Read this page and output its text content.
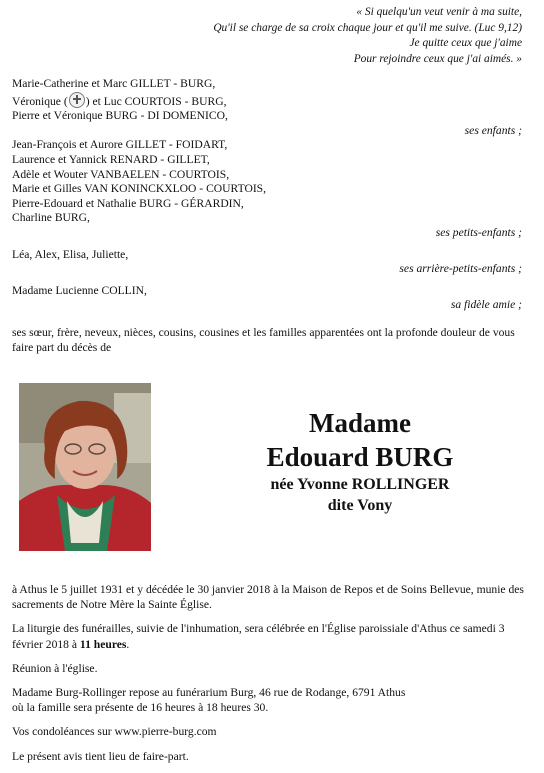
« Si quelqu'un veut venir à ma suite,
Qu'il se charge de sa croix chaque jour et qu'il me suive. (Luc 9,12)
Je quitte ceux que j'aime
Pour rejoindre ceux que j'ai aimés. »
Marie-Catherine et Marc GILLET - BURG,
Véronique ( ) et Luc COURTOIS - BURG,
Pierre et Véronique BURG - DI DOMENICO,
ses enfants ;
Jean-François et Aurore GILLET - FOIDART,
Laurence et Yannick RENARD - GILLET,
Adèle et Wouter VANBAELEN - COURTOIS,
Marie et Gilles VAN KONINCKXLOO - COURTOIS,
Pierre-Edouard et Nathalie BURG - GÉRARDIN,
Charline BURG,
ses petits-enfants ;
Léa, Alex, Elisa, Juliette,
ses arrière-petits-enfants ;
Madame Lucienne COLLIN,
sa fidèle amie ;
ses sœur, frère, neveux, nièces, cousins, cousines et les familles apparentées ont la profonde douleur de vous faire part du décès de
Madame
Edouard BURG
née Yvonne ROLLINGER
dite Vony

à Athus le 5 juillet 1931 et y décédée le 30 janvier 2018 à la Maison de Repos et de Soins Bellevue, munie des sacrements de Notre Mère la Sainte Église.

La liturgie des funérailles, suivie de l'inhumation, sera célébrée en l'Église paroissiale d'Athus ce samedi 3 février 2018 à 11 heures.

Réunion à l'église.

Madame Burg-Rollinger repose au funérarium Burg, 46 rue de Rodange, 6791 Athus
où la famille sera présente de 16 heures à 18 heures 30.

Vos condoléances sur www.pierre-burg.com

Le présent avis tient lieu de faire-part.
